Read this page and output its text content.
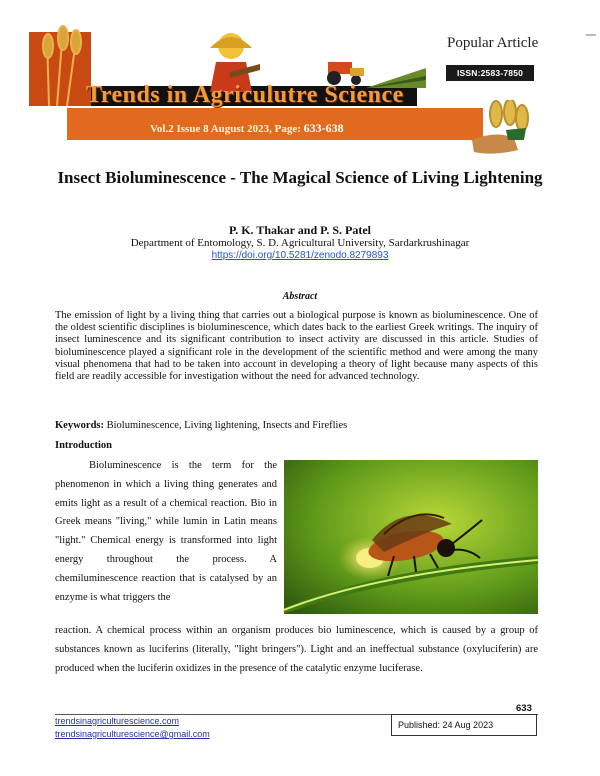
Trends in Agriculutre Science
Vol.2 Issue 8 August 2023, Page: 633-638
Popular Article
ISSN:2583-7850
Insect Bioluminescence - The Magical Science of Living Lightening
P. K. Thakar and P. S. Patel
Department of Entomology, S. D. Agricultural University, Sardarkrushinagar
https://doi.org/10.5281/zenodo.8279893
Abstract
The emission of light by a living thing that carries out a biological purpose is known as bioluminescence. One of the oldest scientific disciplines is bioluminescence, which dates back to the earliest Greek writings. The inquiry of insect luminescence and its significant contribution to insect activity are discussed in this article. Studies of bioluminescence played a significant role in the development of the scientific method and were among the many visual phenomena that had to be taken into account in developing a theory of light because many aspects of this field are readily accessible for investigation without the need for advanced technology.
Keywords: Bioluminescence, Living lightening, Insects and Fireflies
Introduction
Bioluminescence is the term for the phenomenon in which a living thing generates and emits light as a result of a chemical reaction. Bio in Greek means "living," while lumin in Latin means "light." Chemical energy is transformed into light energy throughout the process. A chemiluminescence reaction that is catalysed by an enzyme is what triggers the
reaction. A chemical process within an organism produces bio luminescence, which is caused by a group of substances known as luciferins (literally, "light bringers"). Light and an ineffectual substance (oxyluciferin) are produced when the luciferin oxidizes in the presence of the catalytic enzyme luciferase.
633
trendsinagriculturescience.com
trendsinagriculturescience@gmail.com
Published: 24 Aug 2023
